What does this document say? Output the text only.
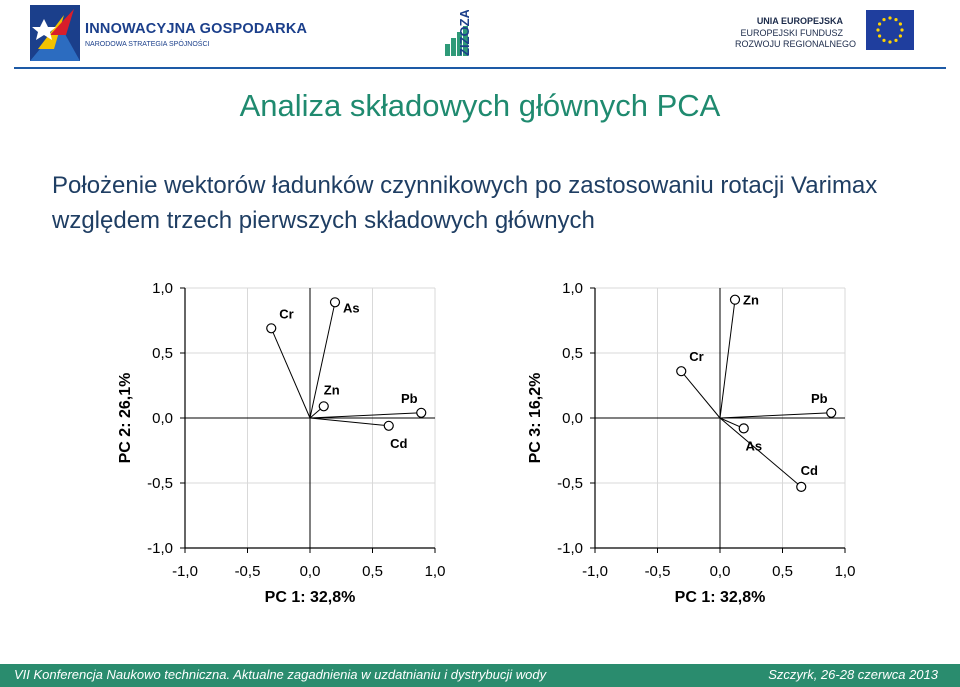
INNOWACYJNA GOSPODARKA
NARODOWA STRATEGIA SPÓJNOŚCI	ZIZOZAP	UNIA EUROPEJSKA
EUROPEJSKI FUNDUSZ
ROZWOJU REGIONALNEGO
Analiza składowych głównych PCA
Położenie wektorów ładunków czynnikowych po zastosowaniu rotacji Varimax względem trzech pierwszych składowych głównych
-1,0
-0,5
0,0
0,5
1,0
-1,0 -0,5	0,0	0,5	1,0
PC 1: 32,8%
PC 2: 26,1%
Cr	As
Zn
Pb
Cd
-1,0
-0,5
0,0
0,5
1,0
-1,0 -0,5	0,0	0,5	1,0
PC 1: 32,8%
PC 3: 16,2%
Zn
Cr
Pb
As
Cd
VII Konferencja Naukowo techniczna. Aktualne zagadnienia w uzdatnianiu i dystrybucji wody	Szczyrk, 26-28 czerwca 2013
